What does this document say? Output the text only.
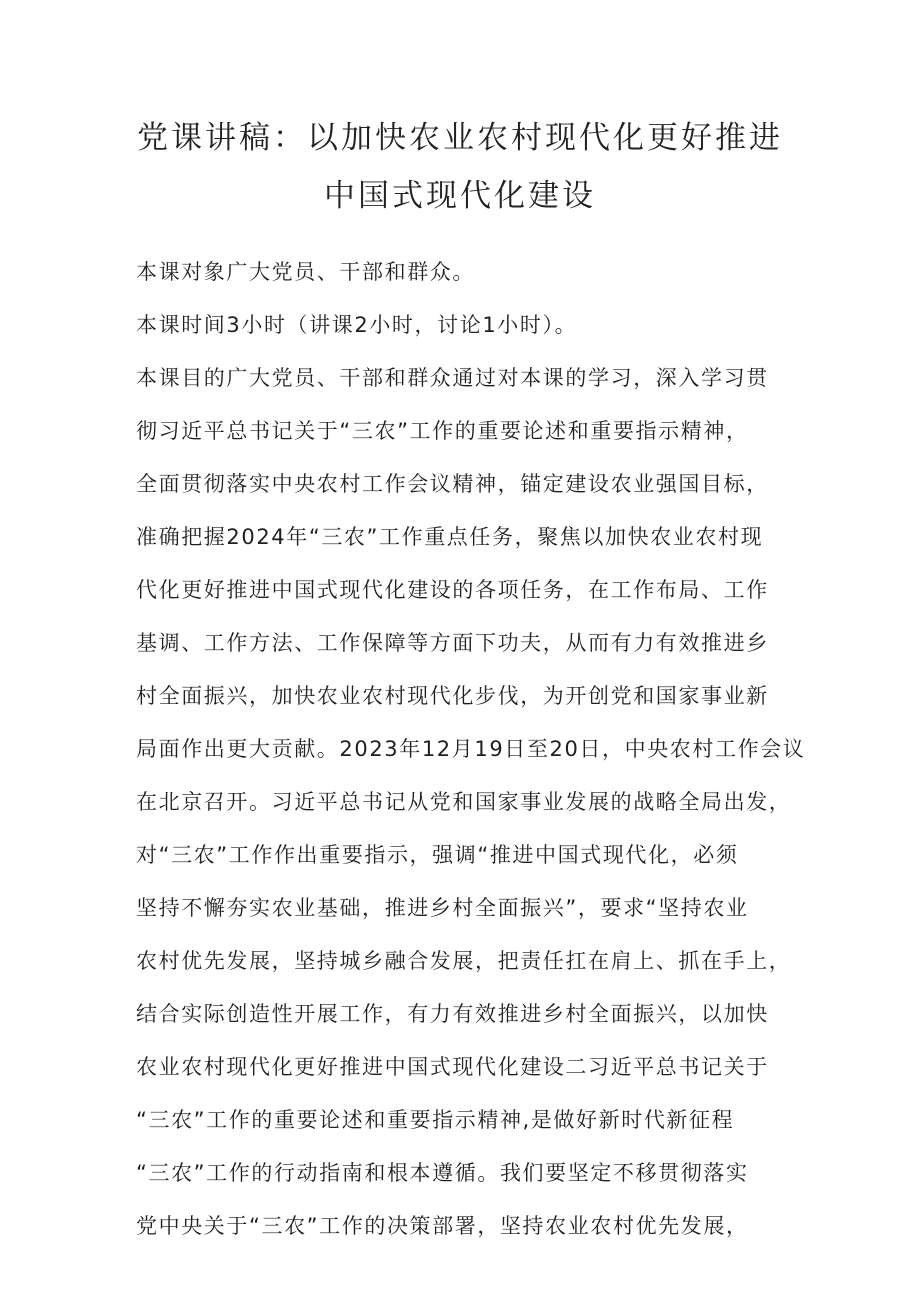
党课讲稿：以加快农业农村现代化更好推进
中国式现代化建设
本课对象广大党员、干部和群众。
本课时间3小时（讲课2小时，讨论1小时）。
本课目的广大党员、干部和群众通过对本课的学习，深入学习贯
彻习近平总书记关于“三农”工作的重要论述和重要指示精神，
全面贯彻落实中央农村工作会议精神，锚定建设农业强国目标，
准确把握2024年“三农”工作重点任务，聚焦以加快农业农村现
代化更好推进中国式现代化建设的各项任务，在工作布局、工作
基调、工作方法、工作保障等方面下功夫，从而有力有效推进乡
村全面振兴，加快农业农村现代化步伐，为开创党和国家事业新
局面作出更大贡献。2023年12月19日至20日，中央农村工作会议
在北京召开。习近平总书记从党和国家事业发展的战略全局出发，
对“三农”工作作出重要指示，强调“推进中国式现代化，必须
坚持不懈夯实农业基础，推进乡村全面振兴”，要求“坚持农业
农村优先发展，坚持城乡融合发展，把责任扛在肩上、抓在手上，
结合实际创造性开展工作，有力有效推进乡村全面振兴，以加快
农业农村现代化更好推进中国式现代化建设二习近平总书记关于
“三农”工作的重要论述和重要指示精神,是做好新时代新征程
“三农”工作的行动指南和根本遵循。我们要坚定不移贯彻落实
党中央关于“三农”工作的决策部署，坚持农业农村优先发展，
